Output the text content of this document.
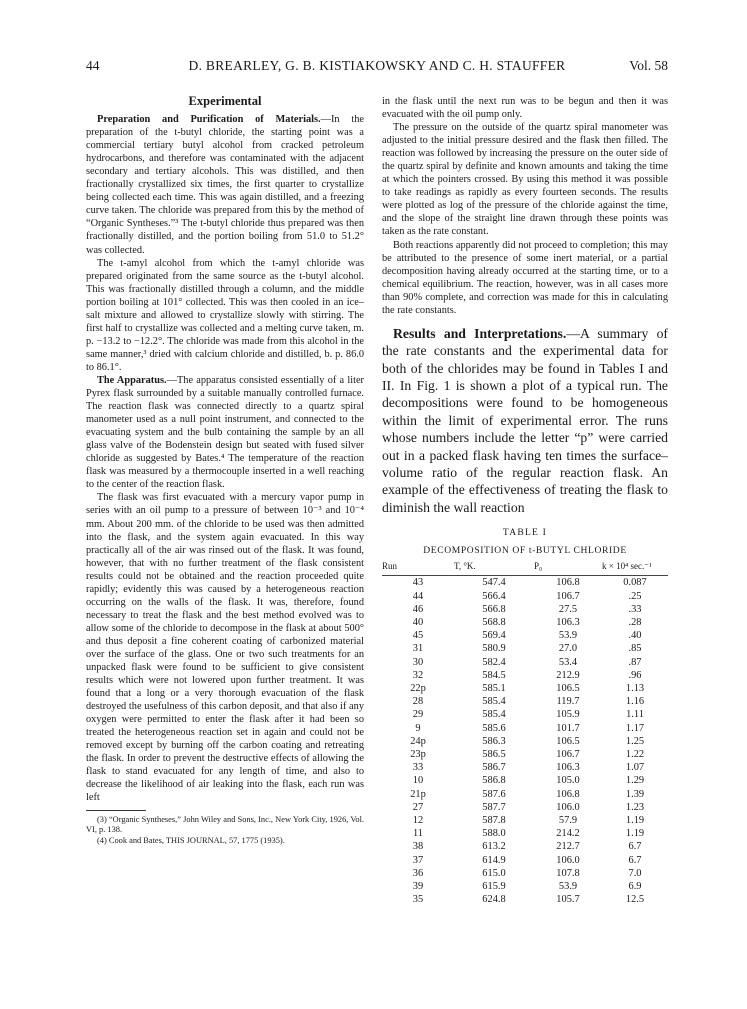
44	D. BREARLEY, G. B. KISTIAKOWSKY AND C. H. STAUFFER	Vol. 58
Experimental

Preparation and Purification of Materials.—In the preparation of the t-butyl chloride, the starting point was a commercial tertiary butyl alcohol from cracked petroleum hydrocarbons, and therefore was contaminated with the adjacent secondary and tertiary alcohols. This was distilled, and then fractionally crystallized six times, the first quarter to crystallize being collected each time. This was again distilled, and a freezing curve taken. The chloride was prepared from this by the method of “Organic Syntheses.”³ The t-butyl chloride thus prepared was then fractionally distilled, and the portion boiling from 51.0 to 51.2° was collected.

The t-amyl alcohol from which the t-amyl chloride was prepared originated from the same source as the t-butyl alcohol. This was fractionally distilled through a column, and the middle portion boiling at 101° collected. This was then cooled in an ice–salt mixture and allowed to crystallize slowly with stirring. The first half to crystallize was collected and a melting curve taken, m. p. −13.2 to −12.2°. The chloride was made from this alcohol in the same manner,³ dried with calcium chloride and distilled, b. p. 86.0 to 86.1°.

The Apparatus.—The apparatus consisted essentially of a liter Pyrex flask surrounded by a suitable manually controlled furnace. The reaction flask was connected directly to a quartz spiral manometer used as a null point instrument, and connected to the evacuating system and the bulb containing the sample by an all glass valve of the Bodenstein design but seated with fused silver chloride as suggested by Bates.⁴ The temperature of the reaction flask was measured by a thermocouple inserted in a well reaching to the center of the reaction flask.

The flask was first evacuated with a mercury vapor pump in series with an oil pump to a pressure of between 10⁻³ and 10⁻⁴ mm. About 200 mm. of the chloride to be used was then admitted into the flask, and the system again evacuated. In this way practically all of the air was rinsed out of the flask. It was found, however, that with no further treatment of the flask consistent results could not be obtained and the reaction proceeded quite rapidly; evidently this was caused by a heterogeneous reaction occurring on the walls of the flask. It was, therefore, found necessary to treat the flask and the best method evolved was to allow some of the chloride to decompose in the flask at about 500° and thus deposit a fine coherent coating of carbonized material over the surface of the glass. One or two such treatments for an unpacked flask were found to be sufficient to give consistent results which were not lowered upon further treatment. It was found that a long or a very thorough evacuation of the flask destroyed the usefulness of this carbon deposit, and that also if any oxygen were permitted to enter the flask after it had been so treated the heterogeneous reaction set in again and could not be removed except by burning off the carbon coating and retreating the flask. In order to prevent the destructive effects of allowing the flask to stand evacuated for any length of time, and also to decrease the likelihood of air leaking into the flask, each run was left

(3) “Organic Syntheses,” John Wiley and Sons, Inc., New York City, 1926, Vol. VI, p. 138.

(4) Cook and Bates, THIS JOURNAL, 57, 1775 (1935).

in the flask until the next run was to be begun and then it was evacuated with the oil pump only.

The pressure on the outside of the quartz spiral manometer was adjusted to the initial pressure desired and the flask then filled. The reaction was followed by increasing the pressure on the outer side of the quartz spiral by definite and known amounts and taking the time at which the pointers crossed. By using this method it was possible to take readings as rapidly as every fourteen seconds. The results were plotted as log of the pressure of the chloride against the time, and the slope of the straight line drawn through these points was taken as the rate constant.

Both reactions apparently did not proceed to completion; this may be attributed to the presence of some inert material, or a partial decomposition having already occurred at the starting time, or to a chemical equilibrium. The reaction, however, was in all cases more than 90% complete, and correction was made for this in calculating the rate constants.

Results and Interpretations.—A summary of the rate constants and the experimental data for both of the chlorides may be found in Tables I and II. In Fig. 1 is shown a plot of a typical run. The decompositions were found to be homogeneous within the limit of experimental error. The runs whose numbers include the letter “p” were carried out in a packed flask having ten times the surface–volume ratio of the regular reaction flask. An example of the effectiveness of treating the flask to diminish the wall reaction

TABLE I
DECOMPOSITION OF t-BUTYL CHLORIDE
Run	T, °K.	P₀	k × 10⁴ sec.⁻¹
43	547.4	106.8	0.087
44	566.4	106.7	.25
46	566.8	27.5	.33
40	568.8	106.3	.28
45	569.4	53.9	.40
31	580.9	27.0	.85
30	582.4	53.4	.87
32	584.5	212.9	.96
22p	585.1	106.5	1.13
28	585.4	119.7	1.16
29	585.4	105.9	1.11
9	585.6	101.7	1.17
24p	586.3	106.5	1.25
23p	586.5	106.7	1.22
33	586.7	106.3	1.07
10	586.8	105.0	1.29
21p	587.6	106.8	1.39
27	587.7	106.0	1.23
12	587.8	57.9	1.19
11	588.0	214.2	1.19
38	613.2	212.7	6.7
37	614.9	106.0	6.7
36	615.0	107.8	7.0
39	615.9	53.9	6.9
35	624.8	105.7	12.5
